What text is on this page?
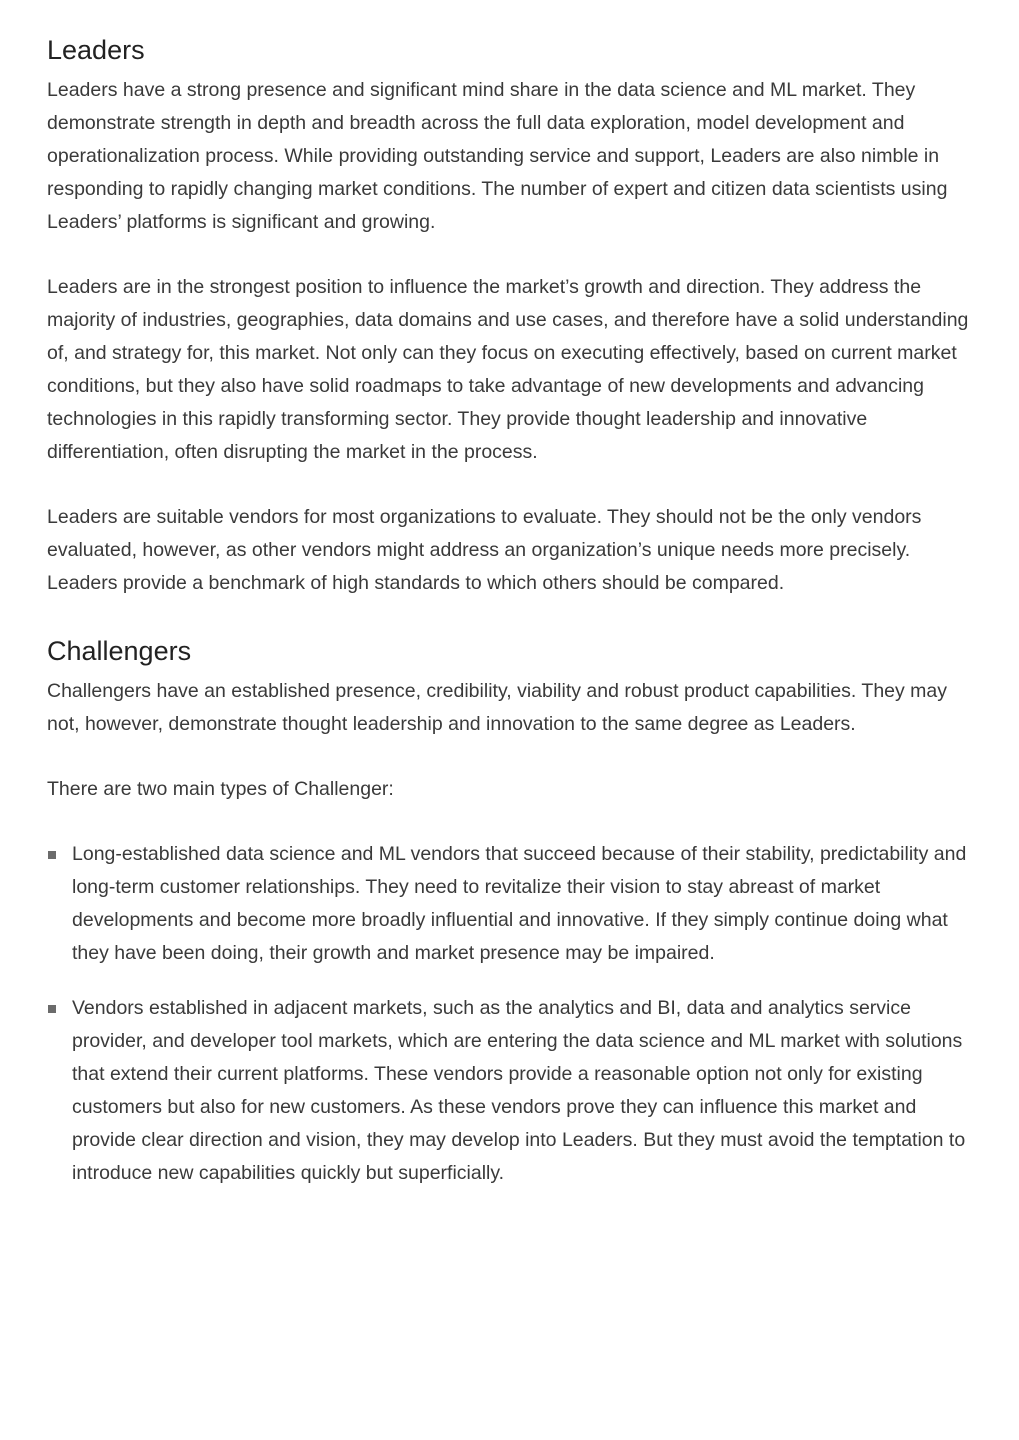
Leaders

Leaders have a strong presence and significant mind share in the data science and ML market. They demonstrate strength in depth and breadth across the full data exploration, model development and operationalization process. While providing outstanding service and support, Leaders are also nimble in responding to rapidly changing market conditions. The number of expert and citizen data scientists using Leaders’ platforms is significant and growing.

Leaders are in the strongest position to influence the market’s growth and direction. They address the majority of industries, geographies, data domains and use cases, and therefore have a solid understanding of, and strategy for, this market. Not only can they focus on executing effectively, based on current market conditions, but they also have solid roadmaps to take advantage of new developments and advancing technologies in this rapidly transforming sector. They provide thought leadership and innovative differentiation, often disrupting the market in the process.

Leaders are suitable vendors for most organizations to evaluate. They should not be the only vendors evaluated, however, as other vendors might address an organization’s unique needs more precisely. Leaders provide a benchmark of high standards to which others should be compared.

Challengers

Challengers have an established presence, credibility, viability and robust product capabilities. They may not, however, demonstrate thought leadership and innovation to the same degree as Leaders.

There are two main types of Challenger:

Long-established data science and ML vendors that succeed because of their stability, predictability and long-term customer relationships. They need to revitalize their vision to stay abreast of market developments and become more broadly influential and innovative. If they simply continue doing what they have been doing, their growth and market presence may be impaired.
Vendors established in adjacent markets, such as the analytics and BI, data and analytics service provider, and developer tool markets, which are entering the data science and ML market with solutions that extend their current platforms. These vendors provide a reasonable option not only for existing customers but also for new customers. As these vendors prove they can influence this market and provide clear direction and vision, they may develop into Leaders. But they must avoid the temptation to introduce new capabilities quickly but superficially.
